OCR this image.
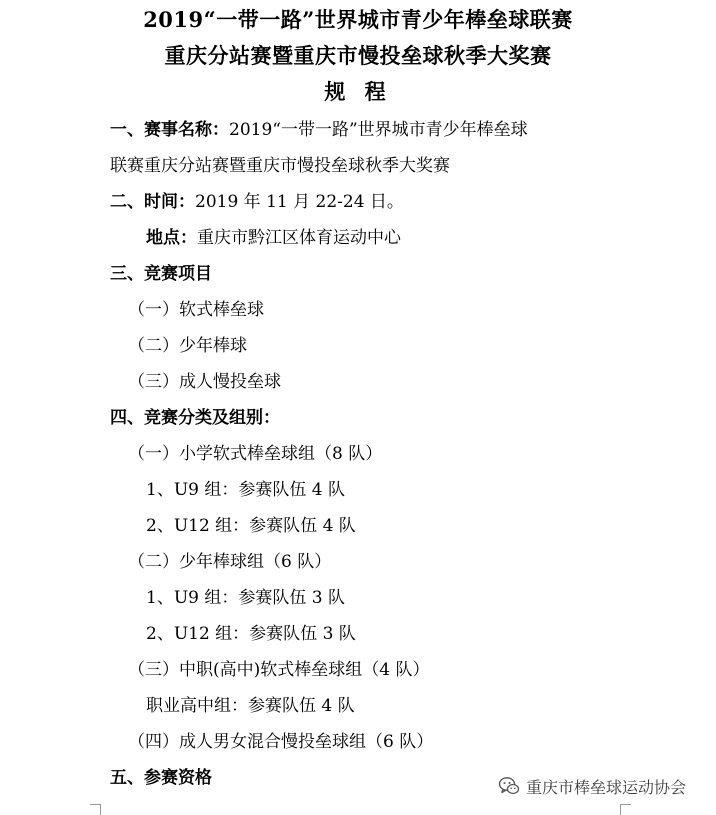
2019“一带一路”世界城市青少年棒垒球联赛
重庆分站赛暨重庆市慢投垒球秋季大奖赛
规 程
一、赛事名称：2019“一带一路”世界城市青少年棒垒球
联赛重庆分站赛暨重庆市慢投垒球秋季大奖赛
二、时间：2019 年 11 月 22-24 日。
地点：重庆市黔江区体育运动中心
三、竞赛项目
（一）软式棒垒球
（二）少年棒球
（三）成人慢投垒球
四、竞赛分类及组别：
（一）小学软式棒垒球组（8 队）
1、U9 组：参赛队伍 4 队
2、U12 组：参赛队伍 4 队
（二）少年棒球组（6 队）
1、U9 组：参赛队伍 3 队
2、U12 组：参赛队伍 3 队
（三）中职(高中)软式棒垒球组（4 队）
职业高中组：参赛队伍 4 队
（四）成人男女混合慢投垒球组（6 队）
五、参赛资格	重庆市棒垒球运动协会
